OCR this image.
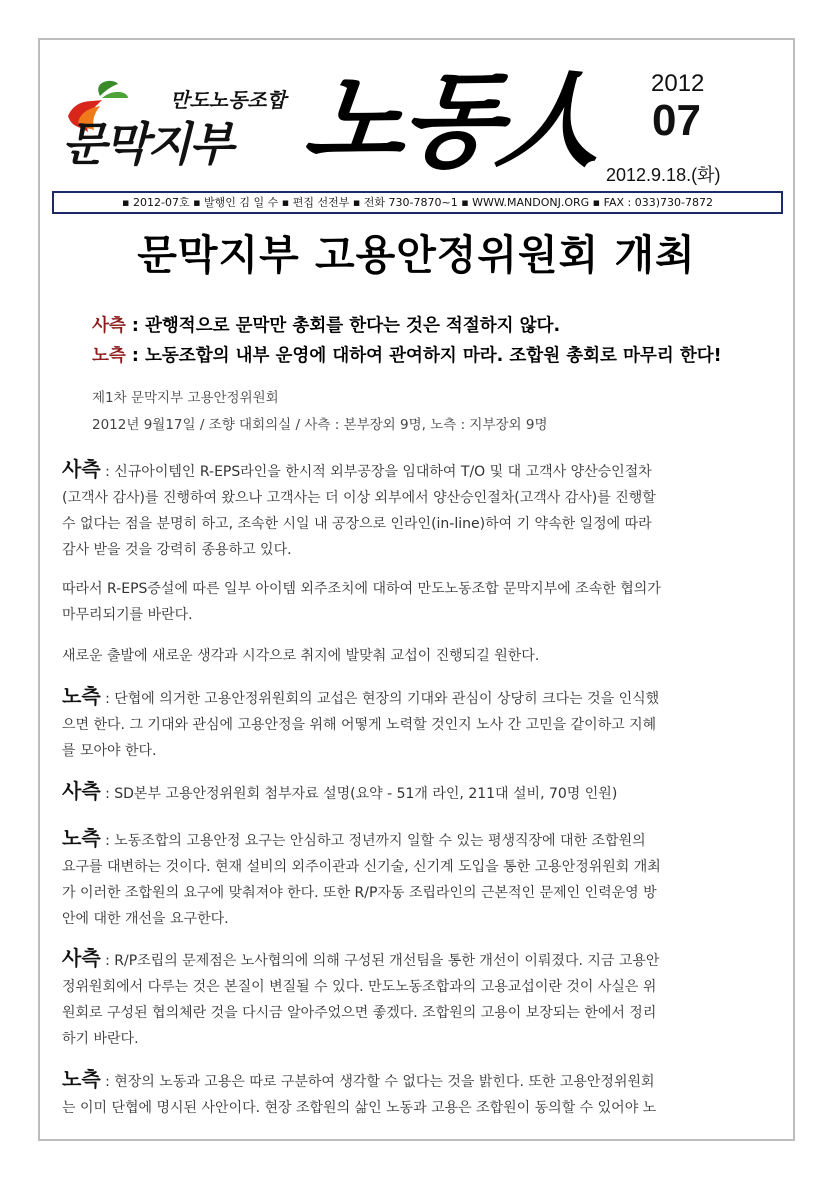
만도노동조합
문막지부 노동人 2012
07
2012.9.18.(화)
▪ 2012-07호 ▪ 발행인 김 일 수 ▪ 편집 선전부 ▪ 전화 730-7870~1 ▪ WWW.MANDONJ.ORG ▪ FAX : 033)730-7872
문막지부 고용안정위원회 개최
사측 : 관행적으로 문막만 총회를 한다는 것은 적절하지 않다.
노측 : 노동조합의 내부 운영에 대하여 관여하지 마라. 조합원 총회로 마무리 한다!
제1차 문막지부 고용안정위원회
2012년 9월17일 / 조향 대회의실 / 사측 : 본부장외 9명, 노측 : 지부장외 9명
사측 : 신규아이템인 R-EPS라인을 한시적 외부공장을 임대하여 T/O 및 대 고객사 양산승인절차
(고객사 감사)를 진행하여 왔으나 고객사는 더 이상 외부에서 양산승인절차(고객사 감사)를 진행할
수 없다는 점을 분명히 하고, 조속한 시일 내 공장으로 인라인(in-line)하여 기 약속한 일정에 따라
감사 받을 것을 강력히 종용하고 있다.
따라서 R-EPS증설에 따른 일부 아이템 외주조치에 대하여 만도노동조합 문막지부에 조속한 협의가
마무리되기를 바란다.
새로운 출발에 새로운 생각과 시각으로 취지에 발맞춰 교섭이 진행되길 원한다.
노측 : 단협에 의거한 고용안정위원회의 교섭은 현장의 기대와 관심이 상당히 크다는 것을 인식했
으면 한다. 그 기대와 관심에 고용안정을 위해 어떻게 노력할 것인지 노사 간 고민을 같이하고 지혜
를 모아야 한다.
사측 : SD본부 고용안정위원회 첨부자료 설명(요약 - 51개 라인, 211대 설비, 70명 인원)
노측 : 노동조합의 고용안정 요구는 안심하고 정년까지 일할 수 있는 평생직장에 대한 조합원의
요구를 대변하는 것이다. 현재 설비의 외주이관과 신기술, 신기계 도입을 통한 고용안정위원회 개최
가 이러한 조합원의 요구에 맞춰져야 한다. 또한 R/P자동 조립라인의 근본적인 문제인 인력운영 방
안에 대한 개선을 요구한다.
사측 : R/P조립의 문제점은 노사협의에 의해 구성된 개선팀을 통한 개선이 이뤄졌다. 지금 고용안
정위원회에서 다루는 것은 본질이 변질될 수 있다. 만도노동조합과의 고용교섭이란 것이 사실은 위
원회로 구성된 협의체란 것을 다시금 알아주었으면 좋겠다. 조합원의 고용이 보장되는 한에서 정리
하기 바란다.
노측 : 현장의 노동과 고용은 따로 구분하여 생각할 수 없다는 것을 밝힌다. 또한 고용안정위원회
는 이미 단협에 명시된 사안이다. 현장 조합원의 삶인 노동과 고용은 조합원이 동의할 수 있어야 노
